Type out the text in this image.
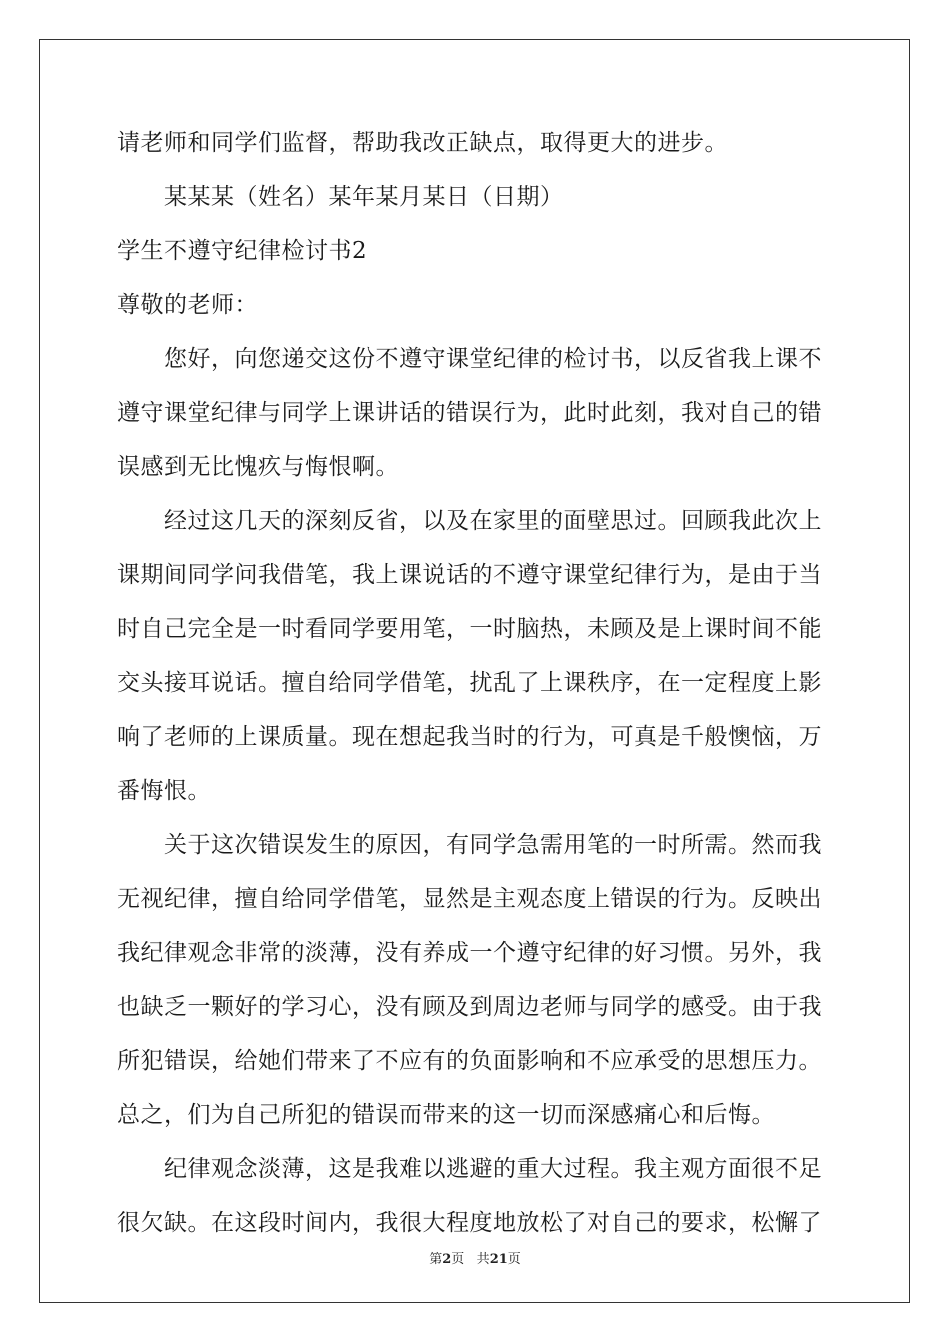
请老师和同学们监督，帮助我改正缺点，取得更大的进步。
某某某（姓名）某年某月某日（日期）
学生不遵守纪律检讨书2
尊敬的老师：
您好，向您递交这份不遵守课堂纪律的检讨书，以反省我上课不
遵守课堂纪律与同学上课讲话的错误行为，此时此刻，我对自己的错
误感到无比愧疚与悔恨啊。
经过这几天的深刻反省，以及在家里的面壁思过。回顾我此次上
课期间同学问我借笔，我上课说话的不遵守课堂纪律行为，是由于当
时自己完全是一时看同学要用笔，一时脑热，未顾及是上课时间不能
交头接耳说话。擅自给同学借笔，扰乱了上课秩序，在一定程度上影
响了老师的上课质量。现在想起我当时的行为，可真是千般懊恼，万
番悔恨。
关于这次错误发生的原因，有同学急需用笔的一时所需。然而我
无视纪律，擅自给同学借笔，显然是主观态度上错误的行为。反映出
我纪律观念非常的淡薄，没有养成一个遵守纪律的好习惯。另外，我
也缺乏一颗好的学习心，没有顾及到周边老师与同学的感受。由于我
所犯错误，给她们带来了不应有的负面影响和不应承受的思想压力。
总之，们为自己所犯的错误而带来的这一切而深感痛心和后悔。
纪律观念淡薄，这是我难以逃避的重大过程。我主观方面很不足
很欠缺。在这段时间内，我很大程度地放松了对自己的要求，松懈了
第2页 共21页
